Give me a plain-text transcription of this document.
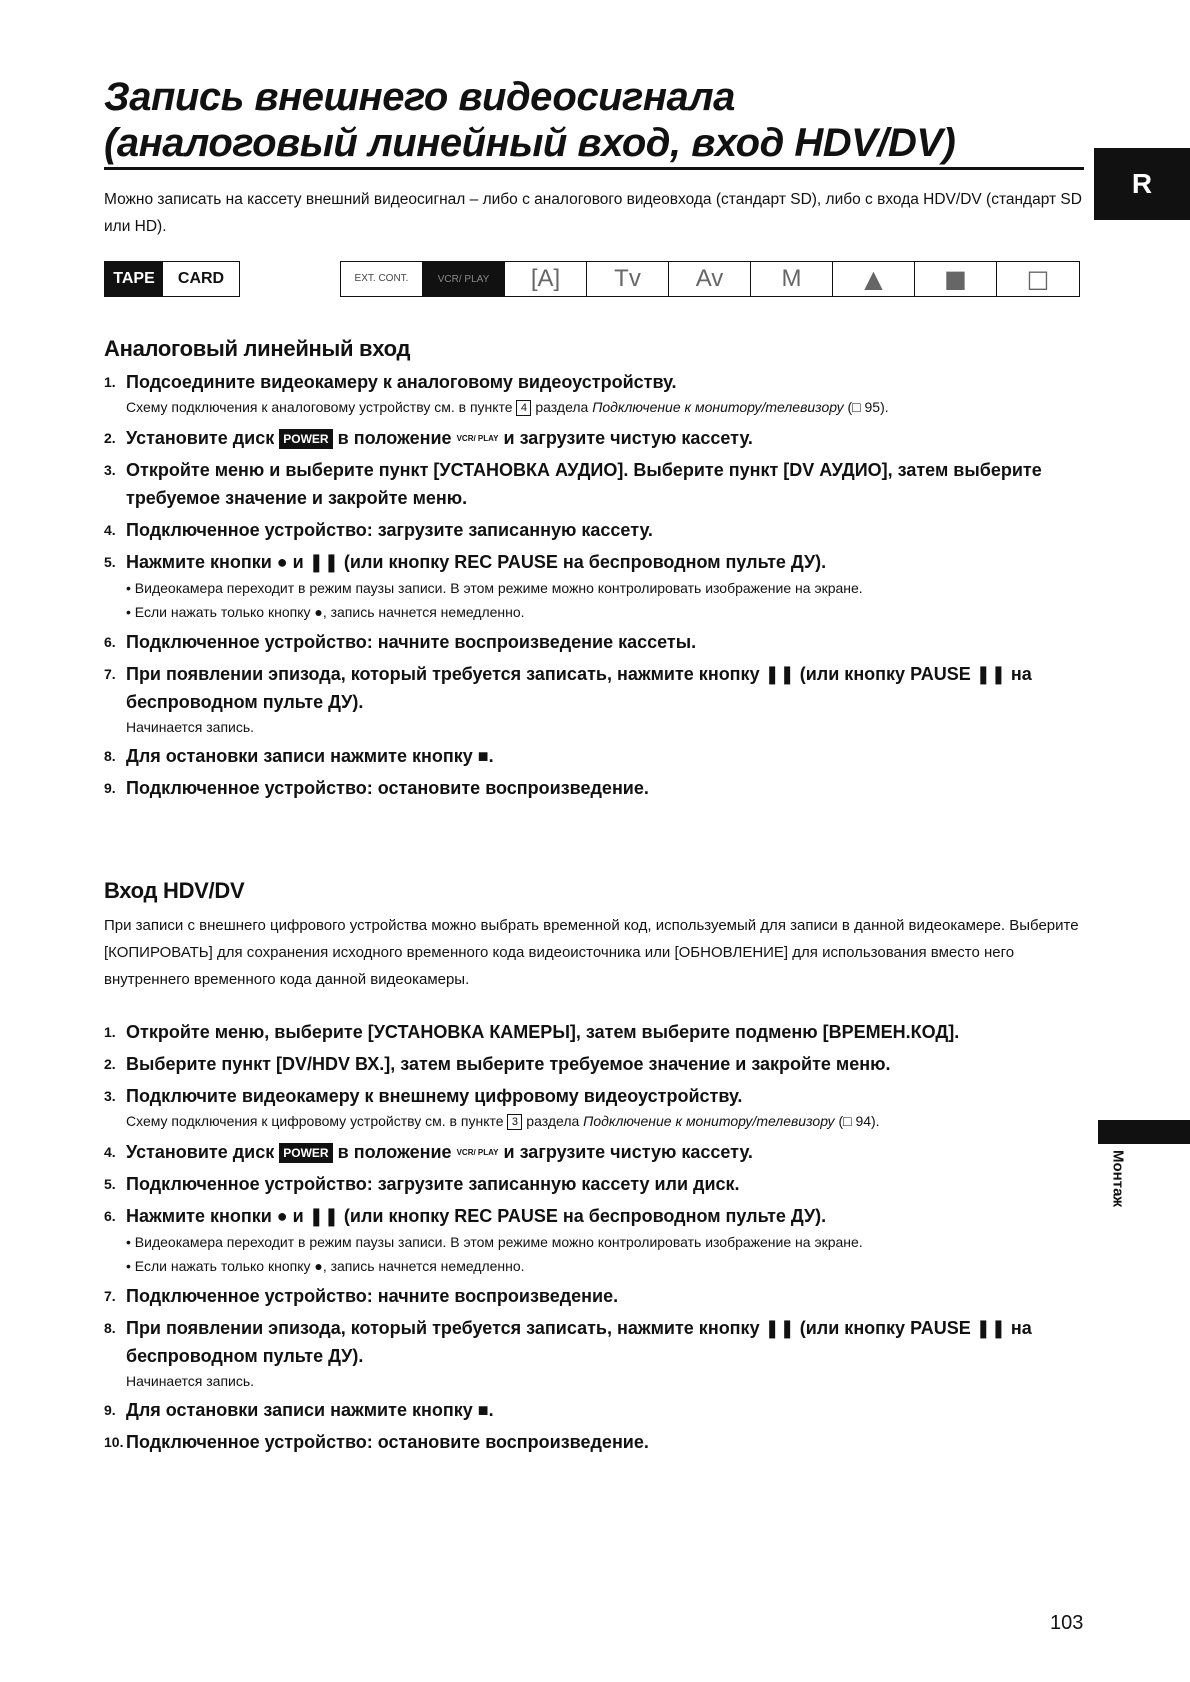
Запись внешнего видеосигнала
(аналоговый линейный вход, вход HDV/DV)
R
Монтаж
Можно записать на кассету внешний видеосигнал – либо с аналогового видеовхода (стандарт SD), либо с входа HDV/DV (стандарт SD или HD).
TAPE	CARD	EXT. CONT.	VCR/ PLAY	[A]	Tv	Av	M	▲	■	□
Аналоговый линейный вход
1. Подсоедините видеокамеру к аналоговому видеоустройству.
Схему подключения к аналоговому устройству см. в пункте 4 раздела Подключение к монитору/телевизору (□ 95).
2. Установите диск POWER в положение VCR/ PLAY и загрузите чистую кассету.
3. Откройте меню и выберите пункт [УСТАНОВКА АУДИО]. Выберите пункт [DV АУДИО], затем выберите требуемое значение и закройте меню.
4. Подключенное устройство: загрузите записанную кассету.
5. Нажмите кнопки ● и ❚❚ (или кнопку REC PAUSE на беспроводном пульте ДУ).
• Видеокамера переходит в режим паузы записи. В этом режиме можно контролировать изображение на экране.
• Если нажать только кнопку ●, запись начнется немедленно.
6. Подключенное устройство: начните воспроизведение кассеты.
7. При появлении эпизода, который требуется записать, нажмите кнопку ❚❚ (или кнопку PAUSE ❚❚ на беспроводном пульте ДУ).
Начинается запись.
8. Для остановки записи нажмите кнопку ■.
9. Подключенное устройство: остановите воспроизведение.
Вход HDV/DV
При записи с внешнего цифрового устройства можно выбрать временной код, используемый для записи в данной видеокамере. Выберите [КОПИРОВАТЬ] для сохранения исходного временного кода видеоисточника или [ОБНОВЛЕНИЕ] для использования вместо него внутреннего временного кода данной видеокамеры.
1. Откройте меню, выберите [УСТАНОВКА КАМЕРЫ], затем выберите подменю [ВРЕМЕН.КОД].
2. Выберите пункт [DV/HDV ВХ.], затем выберите требуемое значение и закройте меню.
3. Подключите видеокамеру к внешнему цифровому видеоустройству.
Схему подключения к цифровому устройству см. в пункте 3 раздела Подключение к монитору/телевизору (□ 94).
4. Установите диск POWER в положение VCR/ PLAY и загрузите чистую кассету.
5. Подключенное устройство: загрузите записанную кассету или диск.
6. Нажмите кнопки ● и ❚❚ (или кнопку REC PAUSE на беспроводном пульте ДУ).
• Видеокамера переходит в режим паузы записи. В этом режиме можно контролировать изображение на экране.
• Если нажать только кнопку ●, запись начнется немедленно.
7. Подключенное устройство: начните воспроизведение.
8. При появлении эпизода, который требуется записать, нажмите кнопку ❚❚ (или кнопку PAUSE ❚❚ на беспроводном пульте ДУ).
Начинается запись.
9. Для остановки записи нажмите кнопку ■.
10. Подключенное устройство: остановите воспроизведение.
103
